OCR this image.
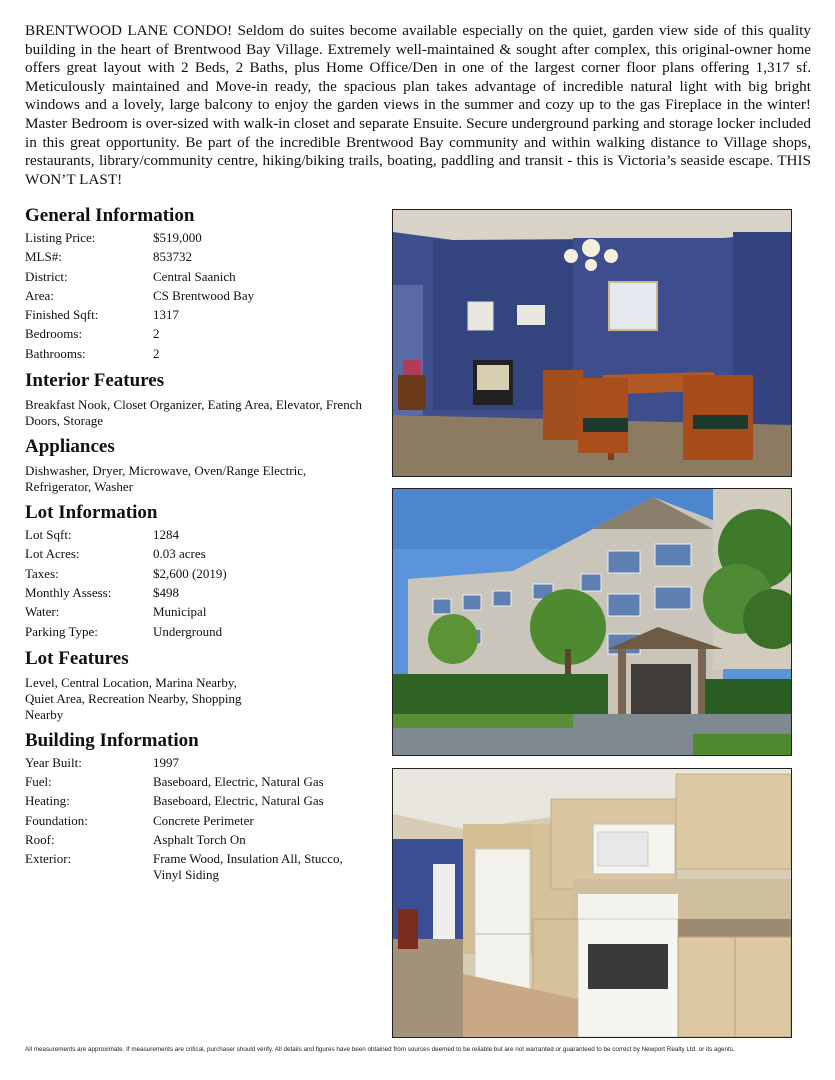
BRENTWOOD LANE CONDO! Seldom do suites become available especially on the quiet, garden view side of this quality building in the heart of Brentwood Bay Village. Extremely well-maintained & sought after complex, this original-owner home offers great layout with 2 Beds, 2 Baths, plus Home Office/Den in one of the largest corner floor plans offering 1,317 sf. Meticulously maintained and Move-in ready, the spacious plan takes advantage of incredible natural light with big bright windows and a lovely, large balcony to enjoy the garden views in the summer and cozy up to the gas Fireplace in the winter! Master Bedroom is over-sized with walk-in closet and separate Ensuite. Secure underground parking and storage locker included in this great opportunity. Be part of the incredible Brentwood Bay community and within walking distance to Village shops, restaurants, library/community centre, hiking/biking trails, boating, paddling and transit - this is Victoria’s seaside escape. THIS WON’T LAST!
General Information
Listing Price:	$519,000
MLS#:	853732
District:	Central Saanich
Area:	CS Brentwood Bay
Finished Sqft:	1317
Bedrooms:	2
Bathrooms:	2
Interior Features
Breakfast Nook, Closet Organizer, Eating Area, Elevator, French Doors, Storage
Appliances
Dishwasher, Dryer, Microwave, Oven/Range Electric, Refrigerator, Washer
Lot Information
Lot Sqft:	1284
Lot Acres:	0.03 acres
Taxes:	$2,600 (2019)
Monthly Assess:	$498
Water:	Municipal
Parking Type:	Underground
Lot Features
Level, Central Location, Marina Nearby, Quiet Area, Recreation Nearby, Shopping Nearby
Building Information
Year Built:	1997
Fuel:	Baseboard, Electric, Natural Gas
Heating:	Baseboard, Electric, Natural Gas
Foundation:	Concrete Perimeter
Roof:	Asphalt Torch On
Exterior:	Frame Wood, Insulation All, Stucco, Vinyl Siding
All measurements are approximate. If measurements are critical, purchaser should verify. All details and figures have been obtained from sources deemed to be reliable but are not warranted or guaranteed to be correct by Newport Realty Ltd. or its agents.
